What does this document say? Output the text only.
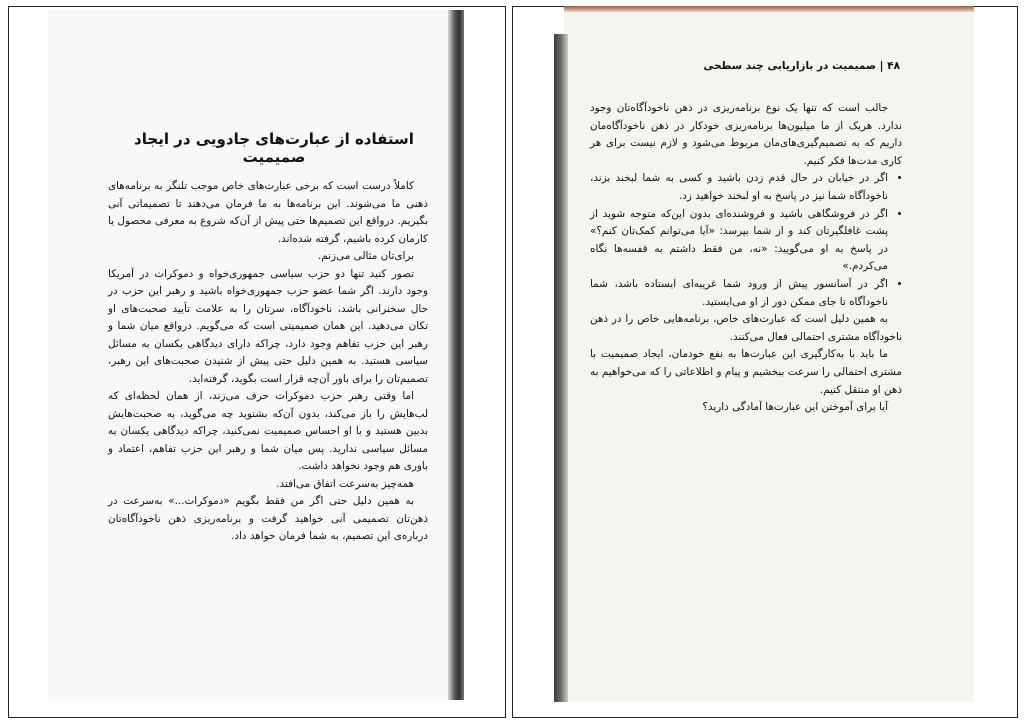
استفاده از عبارت‌های جادویی در ایجاد صمیمیت

کاملاً درست است که برخی عبارت‌های خاص موجب تلنگر به برنامه‌های ذهنی ما می‌شوند. این برنامه‌ها به ما فرمان می‌دهند تا تصمیماتی آنی بگیریم. درواقع این تصمیم‌ها حتی پیش از آن‌که شروع به معرفی محصول یا کارمان کرده باشیم، گرفته شده‌اند.

برای‌تان مثالی می‌زنم.

تصور کنید تنها دو حزب سیاسی جمهوری‌خواه و دموکرات در آمریکا وجود دارند. اگر شما عضو حزب جمهوری‌خواه باشید و رهبر این حزب در حال سخنرانی باشد، ناخودآگاه، سرتان را به علامت تأیید صحبت‌های او تکان می‌دهید. این همان صمیمیتی است که می‌گویم. درواقع میان شما و رهبر این حزب تفاهم وجود دارد، چراکه دارای دیدگاهی یکسان به مسائل سیاسی هستید. به همین دلیل حتی پیش از شنیدن صحبت‌های این رهبر، تصمیم‌تان را برای باور آن‌چه قرار است بگوید، گرفته‌اید.

اما وقتی رهبر حزب دموکرات حرف می‌زند، از همان لحظه‌ای که لب‌هایش را باز می‌کند، بدون آن‌که بشنوید چه می‌گوید، به صحبت‌هایش بدبین هستید و با او احساس صمیمیت نمی‌کنید، چراکه دیدگاهی یکسان به مسائل سیاسی ندارید. پس میان شما و رهبر این حزب تفاهم، اعتماد و باوری هم وجود نخواهد داشت.

همه‌چیز به‌سرعت اتفاق می‌افتد.

به همین دلیل حتی اگر من فقط بگویم «دموکرات...» به‌سرعت در ذهن‌تان تصمیمی آنی خواهید گرفت و برنامه‌ریزی ذهن ناخودآگاه‌تان درباره‌ی این تصمیم، به شما فرمان خواهد داد.

۴۸ | صمیمیت در بازاریابی چند سطحی

جالب است که تنها یک نوع برنامه‌ریزی در ذهن ناخودآگاه‌تان وجود ندارد. هریک از ما میلیون‌ها برنامه‌ریزی خودکار در ذهن ناخودآگاه‌مان داریم که به تصمیم‌گیری‌های‌مان مربوط می‌شود و لازم نیست برای هر کاری مدت‌ها فکر کنیم.

• اگر در خیابان در حال قدم زدن باشید و کسی به شما لبخند بزند، ناخودآگاه شما نیز در پاسخ به او لبخند خواهید زد.
• اگر در فروشگاهی باشید و فروشنده‌ای بدون این‌که متوجه شوید از پشت غافلگیرتان کند و از شما بپرسد: «آیا می‌توانم کمک‌تان کنم؟» در پاسخ به او می‌گویید: «نه، من فقط داشتم به قفسه‌ها نگاه می‌کردم.»
• اگر در آسانسور پیش از ورود شما غریبه‌ای ایستاده باشد، شما ناخودآگاه تا جای ممکن دور از او می‌ایستید.

به همین دلیل است که عبارت‌های خاص، برنامه‌هایی خاص را در ذهن ناخودآگاه مشتری احتمالی فعال می‌کنند.

ما باید با به‌کارگیری این عبارت‌ها به نفع خودمان، ایجاد صمیمیت با مشتری احتمالی را سرعت ببخشیم و پیام و اطلاعاتی را که می‌خواهیم به ذهن او منتقل کنیم.

آیا برای آموختن این عبارت‌ها آمادگی دارید؟
